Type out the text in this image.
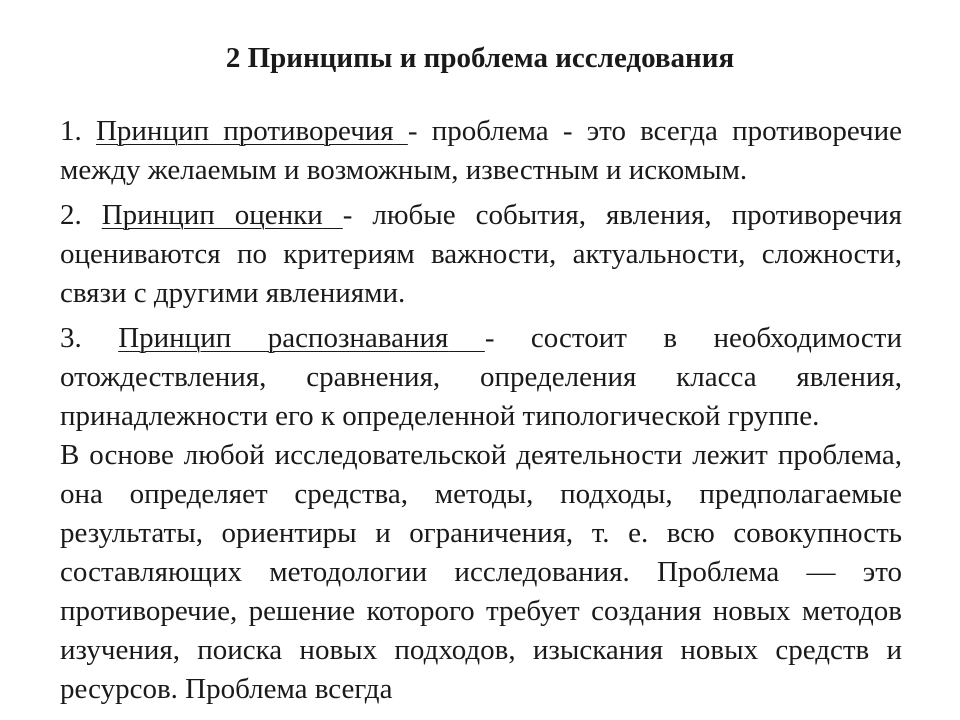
2 Принципы и проблема исследования

1. Принцип противоречия - проблема - это всегда противоречие между желаемым и возможным, известным и искомым.

2. Принцип оценки - любые события, явления, противоречия оцениваются по критериям важности, актуальности, сложности, связи с другими явлениями.

3. Принцип распознавания - состоит в необходимости отождествления, сравнения, определения класса явления, принадлежности его к определенной типологической группе.

В основе любой исследовательской деятельности лежит проблема, она определяет средства, методы, подходы, предполагаемые результаты, ориентиры и ограничения, т. е. всю совокупность составляющих методологии исследования. Проблема — это противоречие, решение которого требует создания новых методов изучения, поиска новых подходов, изыскания новых средств и ресурсов. Проблема всегда
